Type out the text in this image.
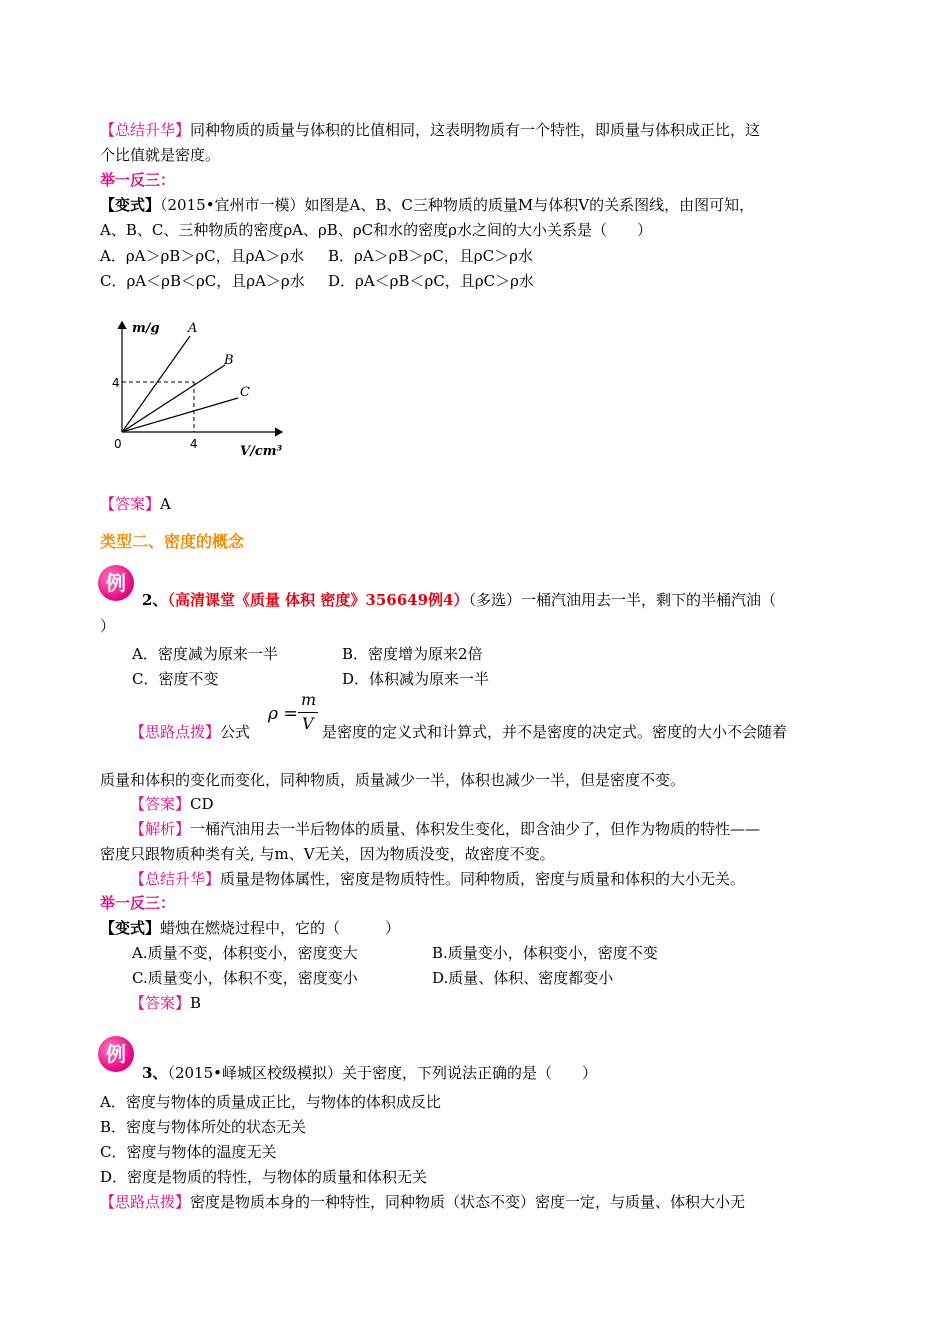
【总结升华】同种物质的质量与体积的比值相同，这表明物质有一个特性，即质量与体积成正比，这
个比值就是密度。
举一反三：
【变式】（2015•宜州市一模）如图是A、B、C三种物质的质量M与体积V的关系图线，由图可知，
A、B、C、三种物质的密度ρA、ρB、ρC和水的密度ρ水之间的大小关系是（　　）
A．ρA＞ρB＞ρC，且ρA＞ρ水 B．ρA＞ρB＞ρC，且ρC＞ρ水
C．ρA＜ρB＜ρC，且ρA＞ρ水 D．ρA＜ρB＜ρC，且ρC＞ρ水
m/g
V/cm³
0	4
4
A
B
C
【答案】A
类型二、密度的概念
例
2、（高清课堂《质量 体积 密度》356649例4）（多选）一桶汽油用去一半，剩下的半桶汽油（
）
A．密度减为原来一半	B．密度增为原来2倍
C．密度不变	D．体积减为原来一半
【思路点拨】公式
ρ =
m
V 是密度的定义式和计算式，并不是密度的决定式。密度的大小不会随着
质量和体积的变化而变化，同种物质，质量减少一半，体积也减少一半，但是密度不变。
【答案】CD
【解析】一桶汽油用去一半后物体的质量、体积发生变化，即含油少了，但作为物质的特性——
密度只跟物质种类有关, 与m、V无关，因为物质没变，故密度不变。
【总结升华】质量是物体属性，密度是物质特性。同种物质，密度与质量和体积的大小无关。
举一反三：
【变式】蜡烛在燃烧过程中，它的（　　　）
A.质量不变，体积变小，密度变大	B.质量变小，体积变小，密度不变
C.质量变小，体积不变，密度变小	D.质量、体积、密度都变小
【答案】B
例
3、（2015•峄城区校级模拟）关于密度，下列说法正确的是（　　）
A．密度与物体的质量成正比，与物体的体积成反比
B．密度与物体所处的状态无关
C．密度与物体的温度无关
D．密度是物质的特性，与物体的质量和体积无关
【思路点拨】密度是物质本身的一种特性，同种物质（状态不变）密度一定，与质量、体积大小无
